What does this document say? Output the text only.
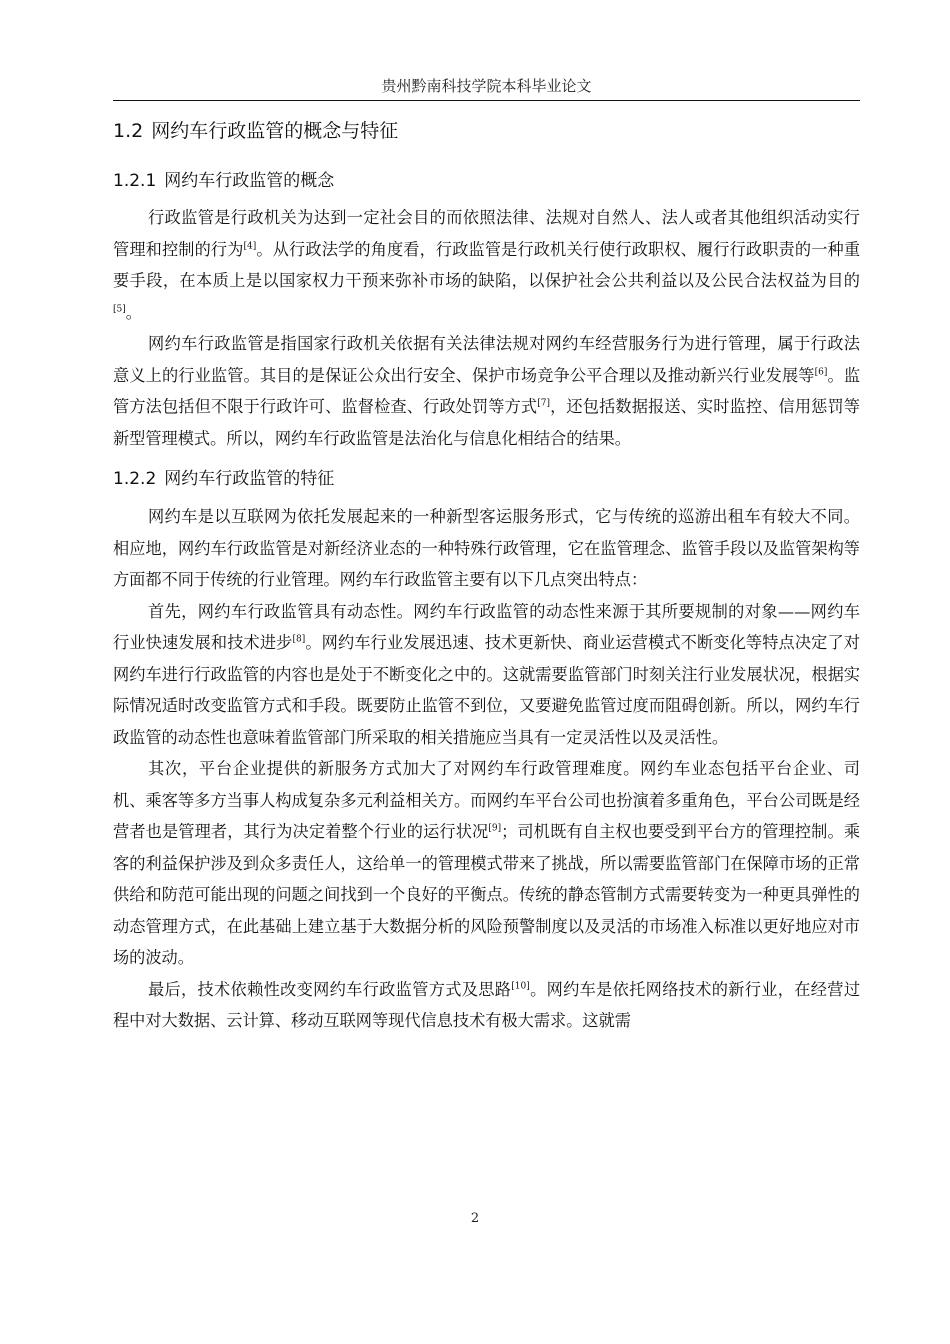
贵州黔南科技学院本科毕业论文
1.2 网约车行政监管的概念与特征
1.2.1 网约车行政监管的概念

行政监管是行政机关为达到一定社会目的而依照法律、法规对自然人、法人或者其他组织活动实行管理和控制的行为[4]。从行政法学的角度看，行政监管是行政机关行使行政职权、履行行政职责的一种重要手段，在本质上是以国家权力干预来弥补市场的缺陷，以保护社会公共利益以及公民合法权益为目的[5]。

网约车行政监管是指国家行政机关依据有关法律法规对网约车经营服务行为进行管理，属于行政法意义上的行业监管。其目的是保证公众出行安全、保护市场竞争公平合理以及推动新兴行业发展等[6]。监管方法包括但不限于行政许可、监督检查、行政处罚等方式[7]，还包括数据报送、实时监控、信用惩罚等新型管理模式。所以，网约车行政监管是法治化与信息化相结合的结果。

1.2.2 网约车行政监管的特征

网约车是以互联网为依托发展起来的一种新型客运服务形式，它与传统的巡游出租车有较大不同。相应地，网约车行政监管是对新经济业态的一种特殊行政管理，它在监管理念、监管手段以及监管架构等方面都不同于传统的行业管理。网约车行政监管主要有以下几点突出特点：

首先，网约车行政监管具有动态性。网约车行政监管的动态性来源于其所要规制的对象——网约车行业快速发展和技术进步[8]。网约车行业发展迅速、技术更新快、商业运营模式不断变化等特点决定了对网约车进行行政监管的内容也是处于不断变化之中的。这就需要监管部门时刻关注行业发展状况，根据实际情况适时改变监管方式和手段。既要防止监管不到位，又要避免监管过度而阻碍创新。所以，网约车行政监管的动态性也意味着监管部门所采取的相关措施应当具有一定灵活性以及灵活性。

其次，平台企业提供的新服务方式加大了对网约车行政管理难度。网约车业态包括平台企业、司机、乘客等多方当事人构成复杂多元利益相关方。而网约车平台公司也扮演着多重角色，平台公司既是经营者也是管理者，其行为决定着整个行业的运行状况[9]；司机既有自主权也要受到平台方的管理控制。乘客的利益保护涉及到众多责任人，这给单一的管理模式带来了挑战，所以需要监管部门在保障市场的正常供给和防范可能出现的问题之间找到一个良好的平衡点。传统的静态管制方式需要转变为一种更具弹性的动态管理方式，在此基础上建立基于大数据分析的风险预警制度以及灵活的市场准入标准以更好地应对市场的波动。

最后，技术依赖性改变网约车行政监管方式及思路[10]。网约车是依托网络技术的新行业，在经营过程中对大数据、云计算、移动互联网等现代信息技术有极大需求。这就需

2
